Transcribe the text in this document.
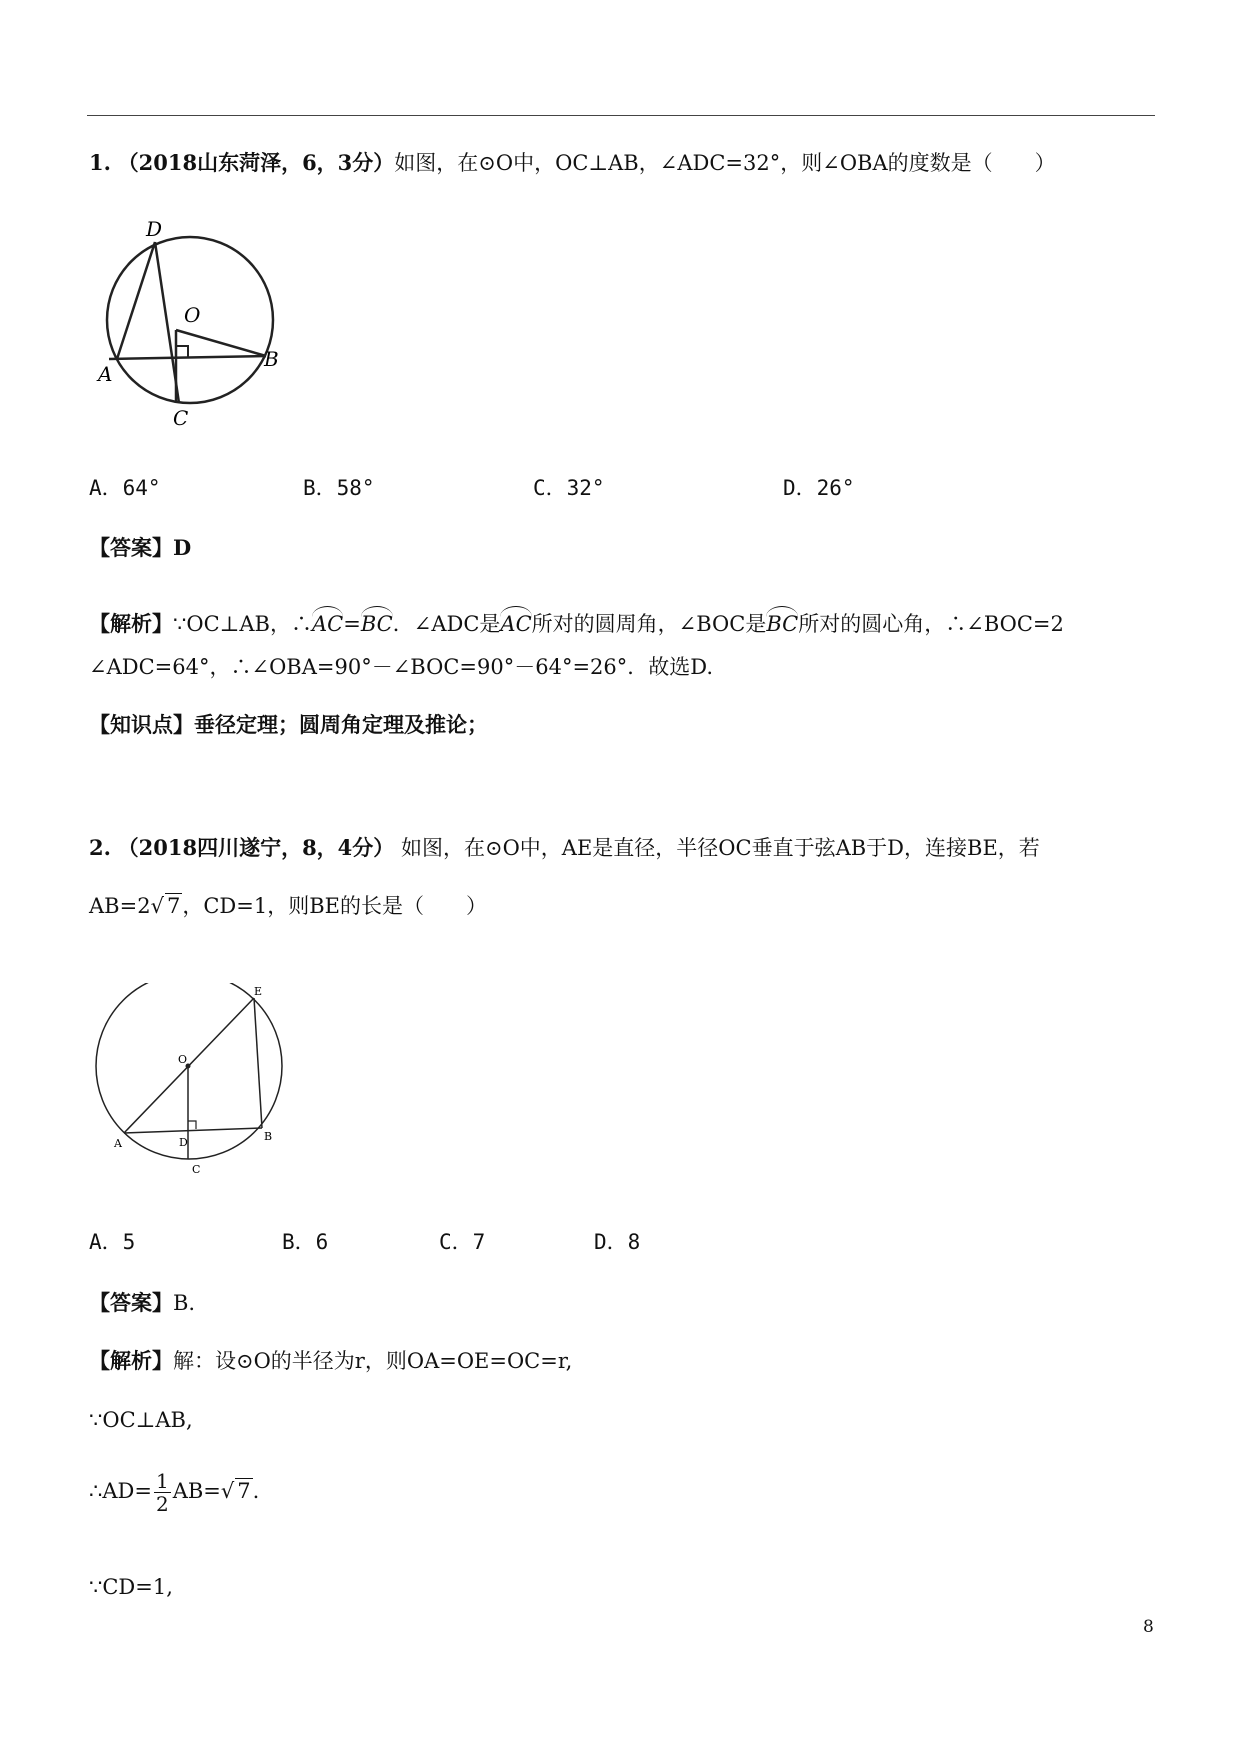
1. （2018山东菏泽，6，3分）如图，在⊙O中，OC⊥AB，∠ADC=32°，则∠OBA的度数是（　　）
D
O
A
B
C
A．64°	B．58°	C．32°	D．26°
【答案】D
【解析】∵OC⊥AB，∴AC=BC．∠ADC是AC所对的圆周角，∠BOC是BC所对的圆心角，∴∠BOC=2
∠ADC=64°，∴∠OBA=90°－∠BOC=90°－64°=26°．故选D.
【知识点】垂径定理；圆周角定理及推论；
2. （2018四川遂宁，8，4分） 如图，在⊙O中，AE是直径，半径OC垂直于弦AB于D，连接BE，若
AB=2√ 7，CD=1，则BE的长是（　　）
E
O
A	D	B
C
A．5	B．6	C．7	D．8
【答案】B.
【解析】解：设⊙O的半径为r，则OA=OE=OC=r,
∵OC⊥AB,
∴AD= $\frac{1}{2} AB=√$ 7.
∵CD=1,
8
